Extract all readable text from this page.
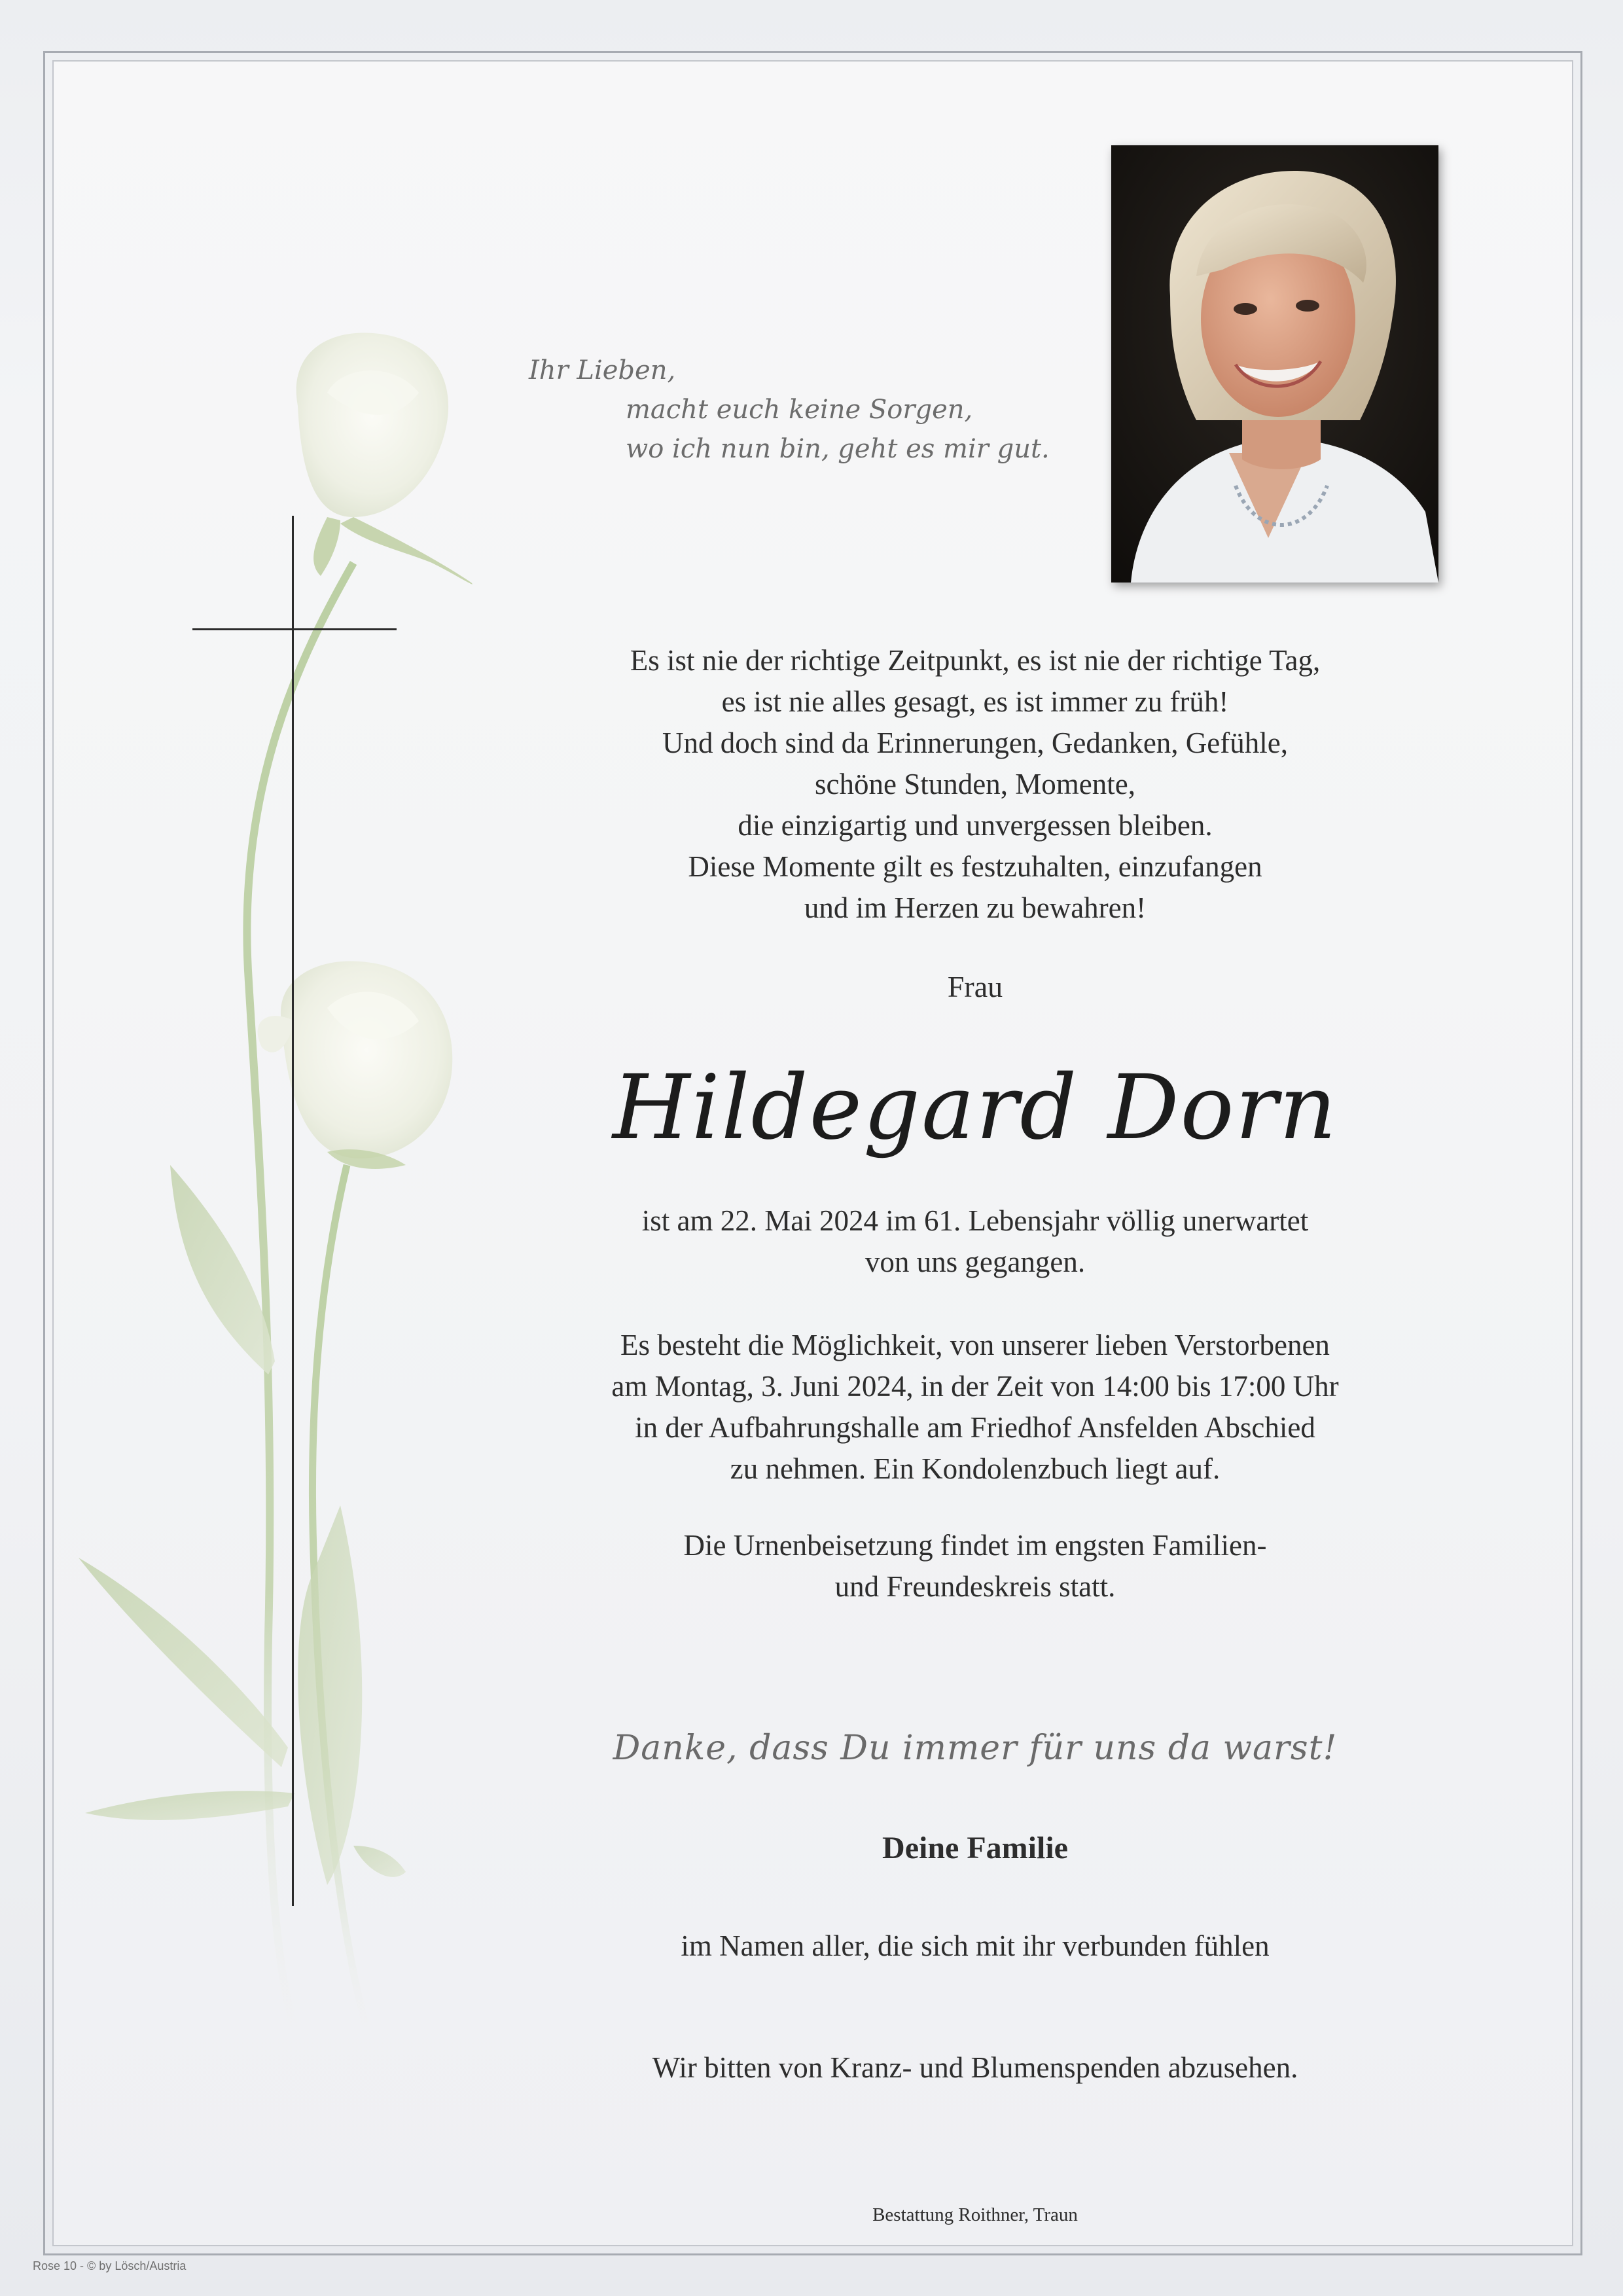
Ihr Lieben,
macht euch keine Sorgen,
wo ich nun bin, geht es mir gut.
Es ist nie der richtige Zeitpunkt, es ist nie der richtige Tag,
es ist nie alles gesagt, es ist immer zu früh!
Und doch sind da Erinnerungen, Gedanken, Gefühle,
schöne Stunden, Momente,
die einzigartig und unvergessen bleiben.
Diese Momente gilt es festzuhalten, einzufangen
und im Herzen zu bewahren!
Frau
Hildegard Dorn
ist am 22. Mai 2024 im 61. Lebensjahr völlig unerwartet
von uns gegangen.
Es besteht die Möglichkeit, von unserer lieben Verstorbenen
am Montag, 3. Juni 2024, in der Zeit von 14:00 bis 17:00 Uhr
in der Aufbahrungshalle am Friedhof Ansfelden Abschied
zu nehmen. Ein Kondolenzbuch liegt auf.
Die Urnenbeisetzung findet im engsten Familien-
und Freundeskreis statt.
Danke, dass Du immer für uns da warst!
Deine Familie
im Namen aller, die sich mit ihr verbunden fühlen
Wir bitten von Kranz- und Blumenspenden abzusehen.
Bestattung Roithner, Traun
Rose 10 - © by Lösch/Austria
